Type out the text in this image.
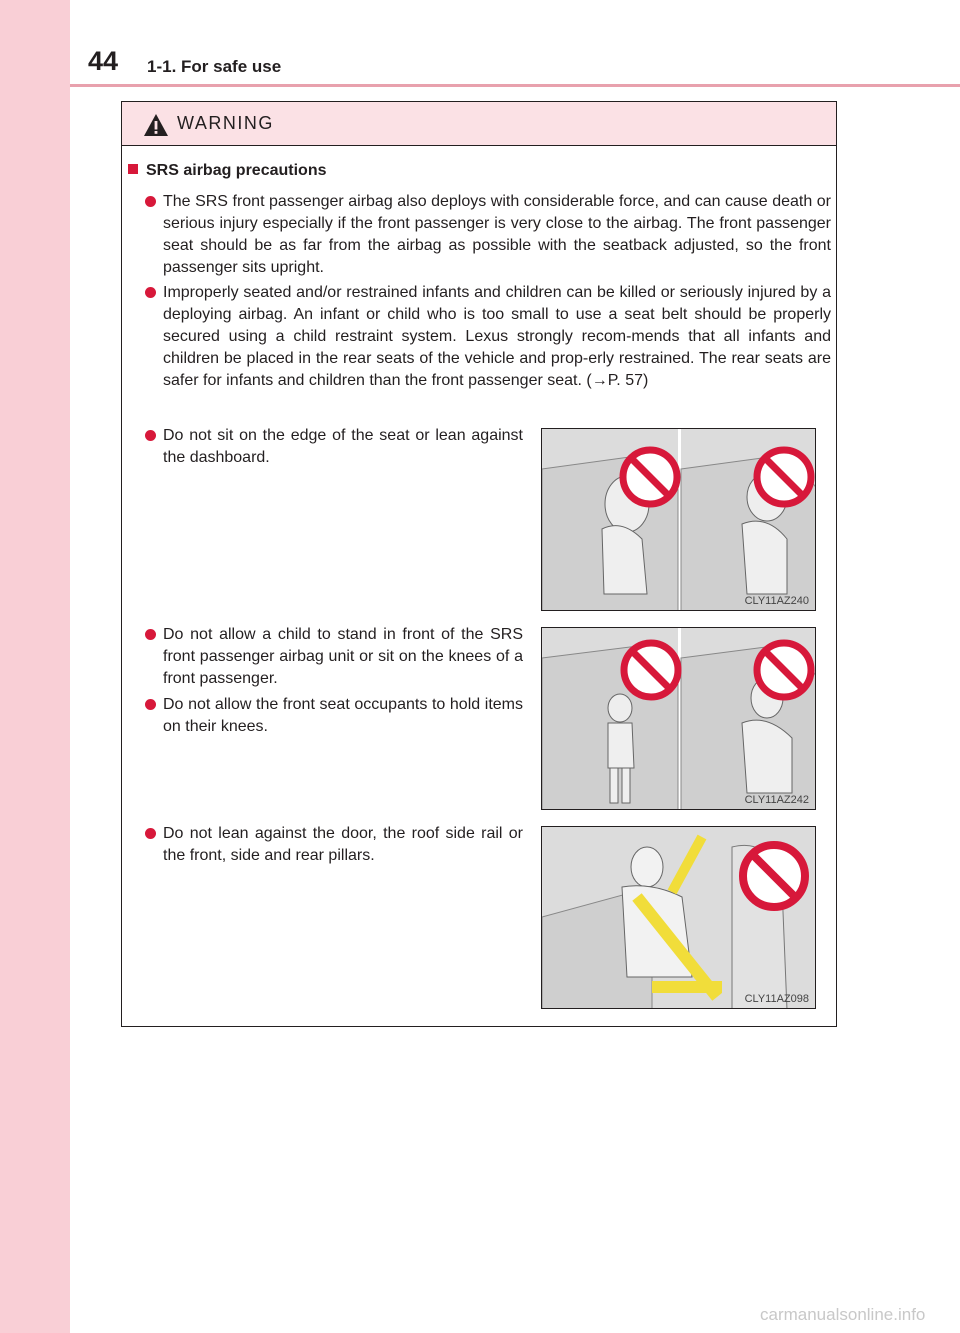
44 1-1. For safe use
WARNING
SRS airbag precautions
The SRS front passenger airbag also deploys with considerable force, and can cause death or serious injury especially if the front passenger is very close to the airbag. The front passenger seat should be as far from the airbag as possible with the seatback adjusted, so the front passenger sits upright.
Improperly seated and/or restrained infants and children can be killed or seriously injured by a deploying airbag. An infant or child who is too small to use a seat belt should be properly secured using a child restraint system. Lexus strongly recom-mends that all infants and children be placed in the rear seats of the vehicle and prop-erly restrained. The rear seats are safer for infants and children than the front passenger seat. (→P. 57)
Do not sit on the edge of the seat or lean against the dashboard.
Do not allow a child to stand in front of the SRS front passenger airbag unit or sit on the knees of a front passenger.
Do not allow the front seat occupants to hold items on their knees.
Do not lean against the door, the roof side rail or the front, side and rear pillars.
CLY11AZ240
CLY11AZ242
CLY11AZ098
carmanualsonline.info
